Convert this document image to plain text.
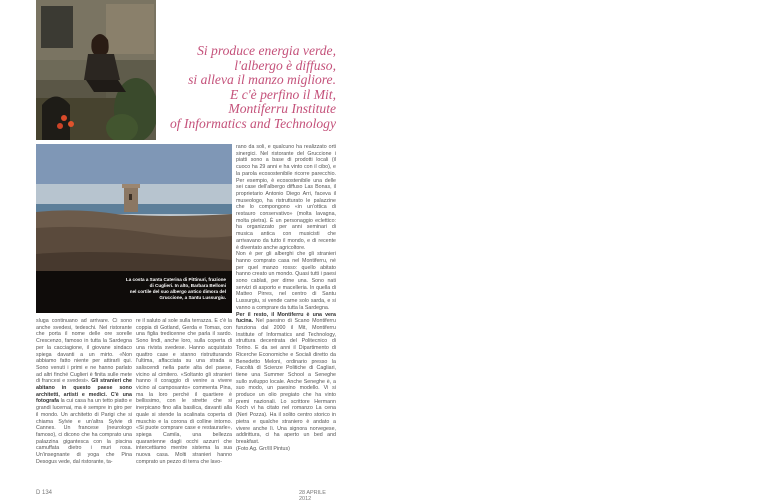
La costa a Santa Caterina di Pittinuri, frazione
di Cuglieri. In alto, Barbara Bellomi
nel cortile del suo albergo antico dimora del
Gruccione, a Santu Lussurgiu.
Si produce energia verde,
l'albergo è diffuso,
si alleva il manzo migliore.
E c'è perfino il Mit,
Montiferru Institute
of Informatics and Technology

sluga continuano ad arrivare. Ci sono anche svedesi, tedeschi. Nel ristorante che porta il nome delle ore sorelle Crescenzo, famoso in tutta la Sardegna per la cacciagione, il giovane sindaco spiega davanti a un mirto. «Non abbiamo fatto niente per attirarli qui. Sono venuti i primi e ne hanno parlato ad altri finché Cuglieri è finita sulle mete di francesi e svedesi». Gli stranieri che abitano in questo paese sono architetti, artisti e medici. C'è una fotografa la cui casa ha un tetto piatto e grandi lucernai, ma è sempre in giro per il mondo. Un architetto di Parigi che si chiama Sylvie e un'altra Sylvie di Cannes. Un francese (neurologo famoso), ci dicono che ha comprato una palazzina gigantesca con la piscina camuffata dietro i muri rosa. Un'insegnante di yoga che Pina Desogus vede, dal ristorante, ta-

re il saluto al sole sulla terrazza. E c'è la coppia di Gotland, Gerda e Tomas, con una figlia tredicenne che parla il sardo. Sono lindi, anche loro, sulla coperta di una rivista svedese. Hanno acquistato quattro case e stanno ristrutturando l'ultima, affacciata su una strada a saliscendi nella parte alta del paese, vicino al cimitero. «Soltanto gli stranieri hanno il coraggio di venire a vivere vicino al camposanto» commenta Pina, ma la loro perché il quartiere è bellissimo, con le strette che si inerpicano fino alla basilica, davanti alla quale si stende la scalinata coperta di muschio e la corona di colline intorno. «Si puote comprare case e restaurarle», spiega Camila, una bellezza quarantenne dagli occhi azzurri che intercettiamo mentre sistema la sua nuova casa. Molti stranieri hanno comprato un pezzo di terra che lavo-

rano da soli, e qualcuno ha realizzato orti sinergici. Nel ristorante del Gruccione i piatti sono a base di prodotti locali (il cuoco ha 29 anni e ha vinto con il cibo), e la parola ecosostenibile ricorre parecchio. Per esempio, è ecosostenibile una delle sei case dell'albergo diffuso Las Bonas, il proprietario Antonio Diego Arri, faceva il museologo, ha ristrutturato le palazzine che lo compongono «in un'ottica di restauro conservativo» (molta lavagna, molta pietra). È un personaggio eclettico: ha organizzato per anni seminari di musica antica con musicisti che arrivavano da tutto il mondo, e di recente è diventato anche agricoltore.

Non è per gli alberghi che gli stranieri hanno comprato casa nel Montiferru, né per quel manzo rosso: quello abitato hanno creato un mondo. Quasi tutti i paesi sono cablati, per dirne una. Sono nati servizi di asporto e macelleria. In quella di Matteo Pirres, nel centro di Santu Lussurgiu, si vende carne solo sarda, e si vanno a comprare da tutta la Sardegna.

Per il resto, il Montiferru è una vera fucina. Nel paesino di Scano Montiferru funziona dal 2000 il Mit, Montiferru Institute of Informatics and Technology, struttura decentrata del Politecnico di Torino. E da sei anni il Dipartimento di Ricerche Economiche e Sociali diretto da Benedetto Meloni, ordinario presso la Facoltà di Scienze Politiche di Cagliari, tiene una Summer School a Seneghe sullo sviluppo locale. Anche Seneghe è, a suo modo, un paesino modello. Vi si produce un olio pregiato che ha vinto premi nazionali. Lo scrittore Hermann Koch vi ha citato nel romanzo La cena (Neri Pozza). Ha il solito centro storico in pietra e qualche straniero è andato a vivere anche lì. Una signora norvegese, addirittura, ci ha aperto un bed and breakfast.

(Foto Ag. Grr/Ill Pintus)

D 134	28 APRILE 2012
